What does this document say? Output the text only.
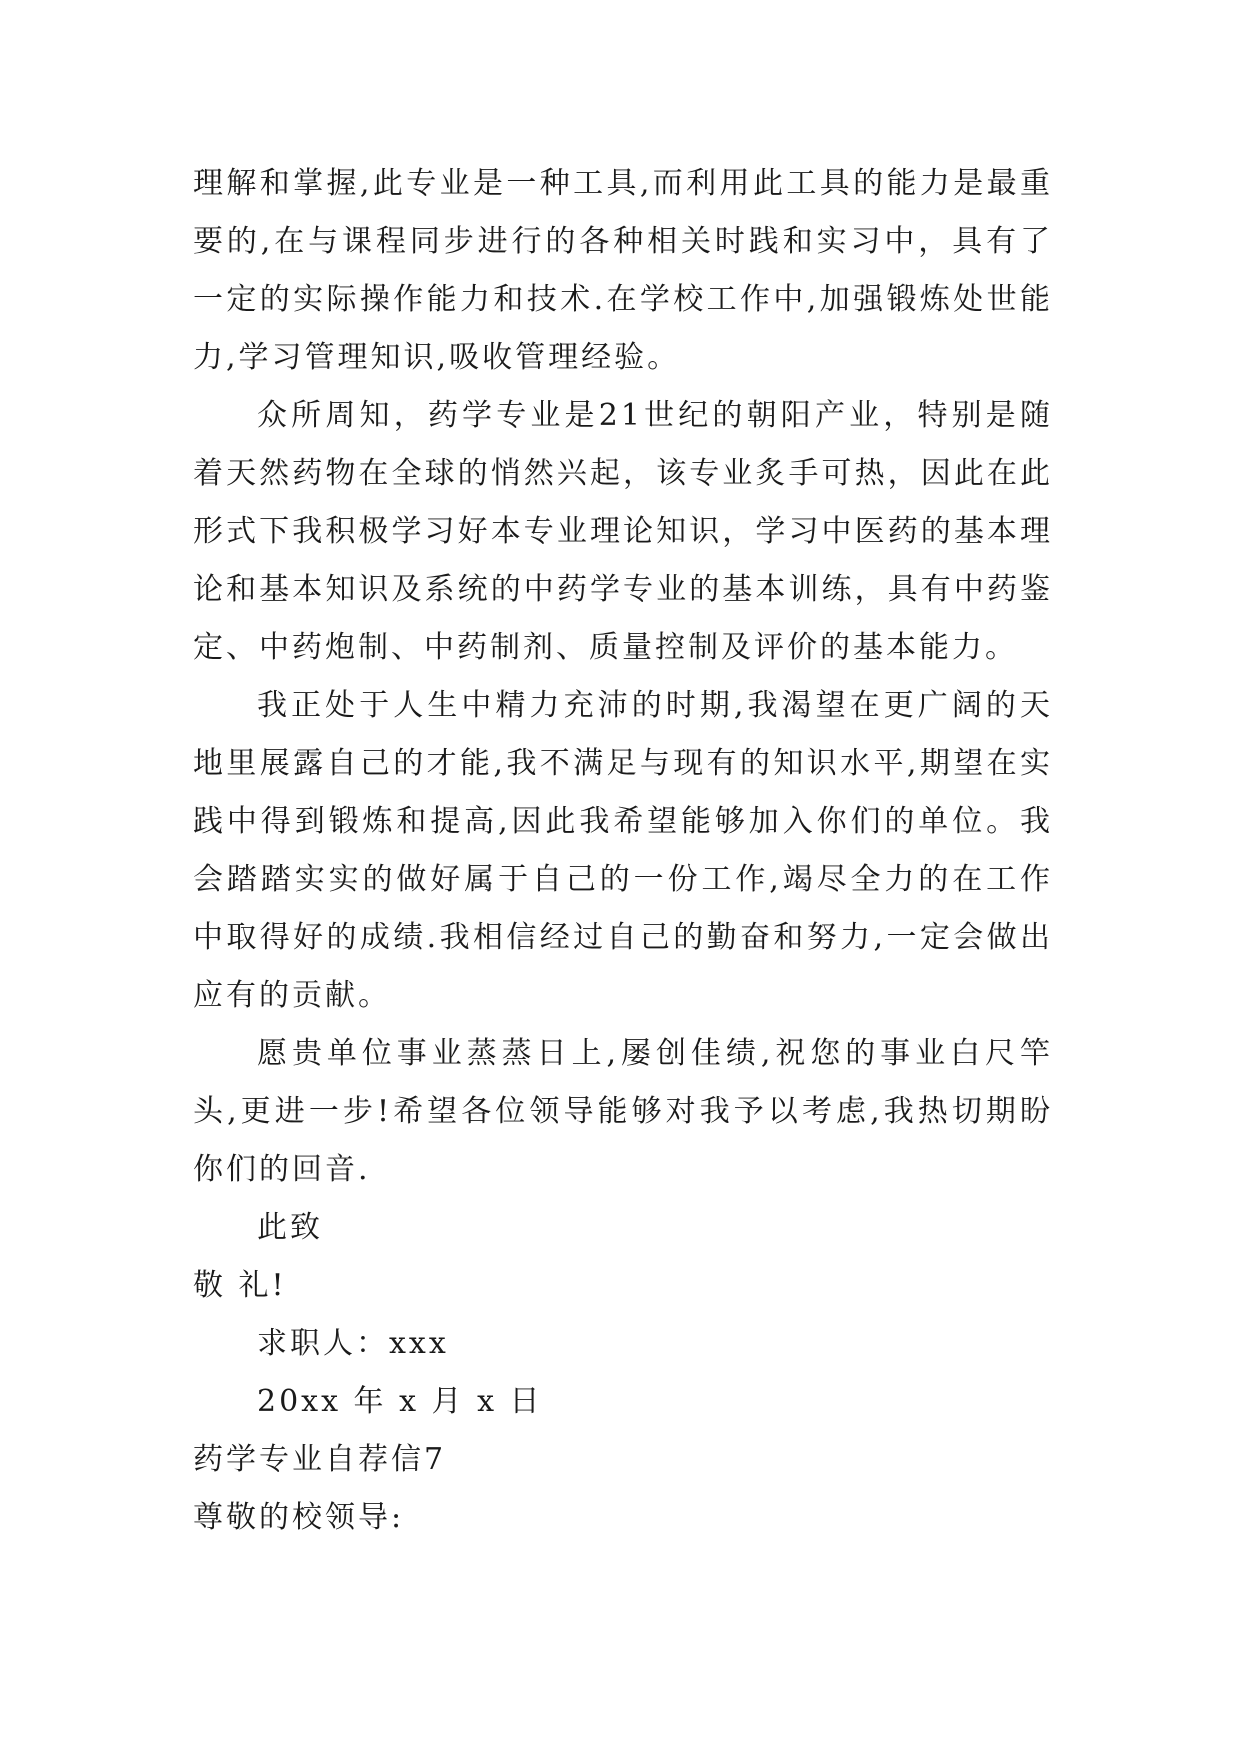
理解和掌握,此专业是一种工具,而利用此工具的能力是最重要的,在与课程同步进行的各种相关时践和实习中，具有了一定的实际操作能力和技术.在学校工作中,加强锻炼处世能力,学习管理知识,吸收管理经验。

众所周知，药学专业是21世纪的朝阳产业，特别是随着天然药物在全球的悄然兴起，该专业炙手可热，因此在此形式下我积极学习好本专业理论知识，学习中医药的基本理论和基本知识及系统的中药学专业的基本训练，具有中药鉴定、中药炮制、中药制剂、质量控制及评价的基本能力。

我正处于人生中精力充沛的时期,我渴望在更广阔的天地里展露自己的才能,我不满足与现有的知识水平,期望在实践中得到锻炼和提高,因此我希望能够加入你们的单位。我会踏踏实实的做好属于自己的一份工作,竭尽全力的在工作中取得好的成绩.我相信经过自己的勤奋和努力,一定会做出应有的贡献。

愿贵单位事业蒸蒸日上,屡创佳绩,祝您的事业白尺竿头,更进一步!希望各位领导能够对我予以考虑,我热切期盼你们的回音.

此致
敬 礼!
求职人：xxx
20xx 年 x 月 x 日
药学专业自荐信7
尊敬的校领导:
